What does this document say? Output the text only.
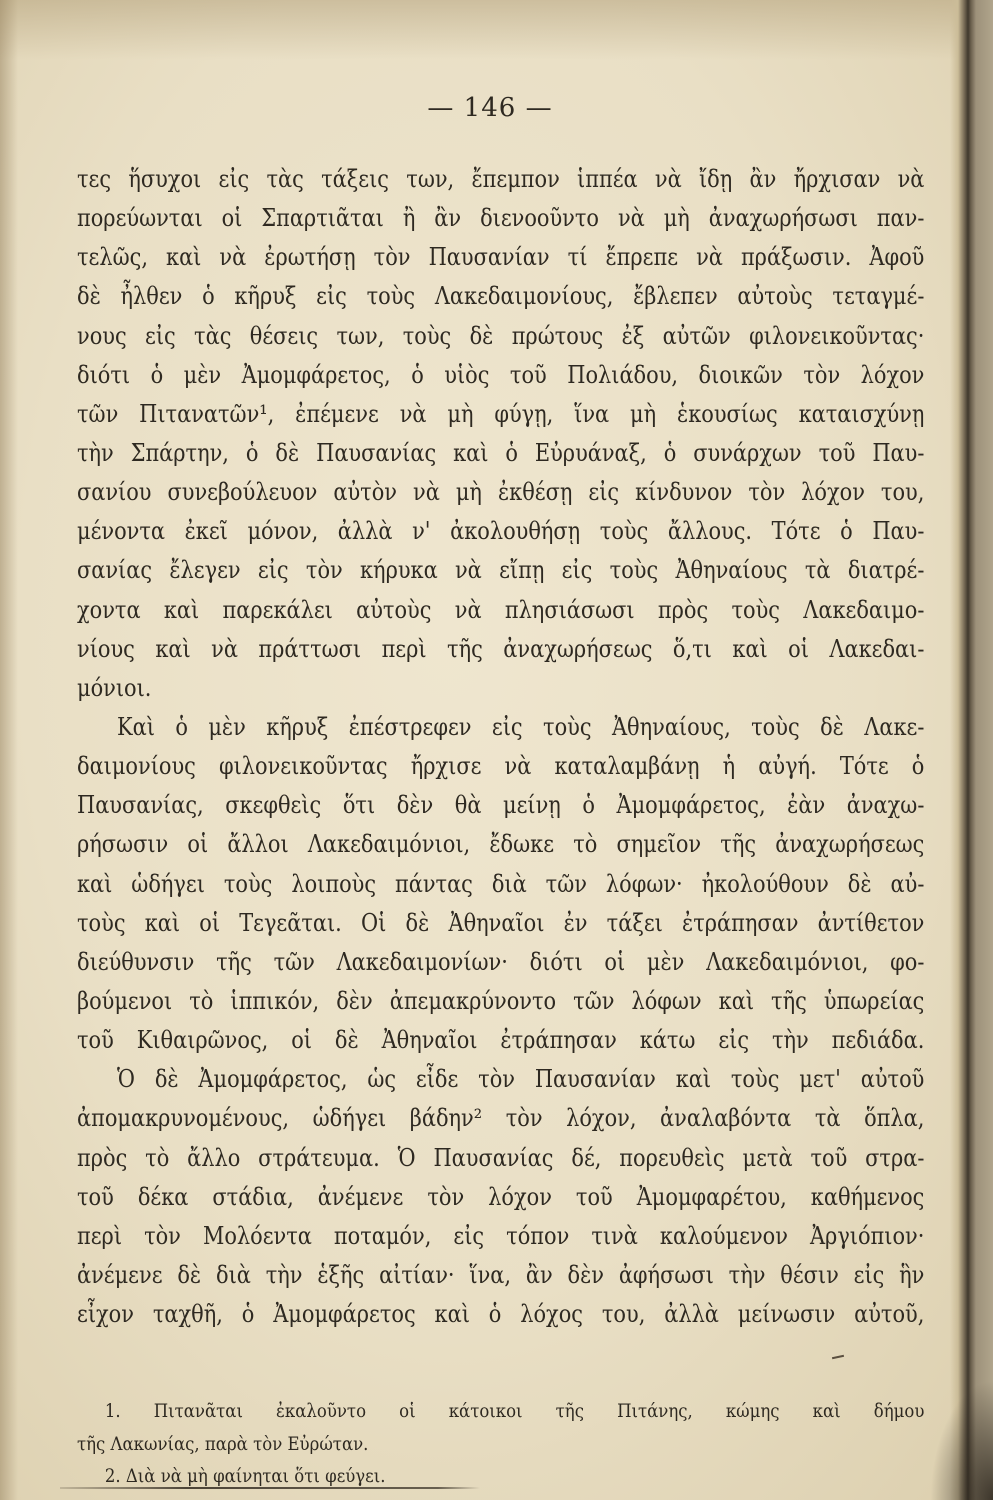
— 146 —
τες ἥσυχοι εἰς τὰς τάξεις των, ἔπεμπον ἱππέα νὰ ἴδῃ ἂν ἤρχισαν νὰ
πορεύωνται οἱ Σπαρτιᾶται ἢ ἂν διενοοῦντο νὰ μὴ ἀναχωρήσωσι παν-
τελῶς, καὶ νὰ ἐρωτήσῃ τὸν Παυσανίαν τί ἔπρεπε νὰ πράξωσιν. Ἀφοῦ
δὲ ἦλθεν ὁ κῆρυξ εἰς τοὺς Λακεδαιμονίους, ἔβλεπεν αὐτοὺς τεταγμέ-
νους εἰς τὰς θέσεις των, τοὺς δὲ πρώτους ἐξ αὐτῶν φιλονεικοῦντας·
διότι ὁ μὲν Ἀμομφάρετος, ὁ υἱὸς τοῦ Πολιάδου, διοικῶν τὸν λόχον
τῶν Πιτανατῶν¹, ἐπέμενε νὰ μὴ φύγῃ, ἵνα μὴ ἑκουσίως καταισχύνῃ
τὴν Σπάρτην, ὁ δὲ Παυσανίας καὶ ὁ Εὐρυάναξ, ὁ συνάρχων τοῦ Παυ-
σανίου συνεβούλευον αὐτὸν νὰ μὴ ἐκθέσῃ εἰς κίνδυνον τὸν λόχον του,
μένοντα ἐκεῖ μόνον, ἀλλὰ ν' ἀκολουθήσῃ τοὺς ἄλλους. Τότε ὁ Παυ-
σανίας ἔλεγεν εἰς τὸν κήρυκα νὰ εἴπῃ εἰς τοὺς Ἀθηναίους τὰ διατρέ-
χοντα καὶ παρεκάλει αὐτοὺς νὰ πλησιάσωσι πρὸς τοὺς Λακεδαιμο-
νίους καὶ νὰ πράττωσι περὶ τῆς ἀναχωρήσεως ὅ,τι καὶ οἱ Λακεδαι-
μόνιοι.
Καὶ ὁ μὲν κῆρυξ ἐπέστρεφεν εἰς τοὺς Ἀθηναίους, τοὺς δὲ Λακε-
δαιμονίους φιλονεικοῦντας ἤρχισε νὰ καταλαμβάνῃ ἡ αὐγή. Τότε ὁ
Παυσανίας, σκεφθεὶς ὅτι δὲν θὰ μείνῃ ὁ Ἀμομφάρετος, ἐὰν ἀναχω-
ρήσωσιν οἱ ἄλλοι Λακεδαιμόνιοι, ἔδωκε τὸ σημεῖον τῆς ἀναχωρήσεως
καὶ ὡδήγει τοὺς λοιποὺς πάντας διὰ τῶν λόφων· ἠκολούθουν δὲ αὐ-
τοὺς καὶ οἱ Τεγεᾶται. Οἱ δὲ Ἀθηναῖοι ἐν τάξει ἐτράπησαν ἀντίθετον
διεύθυνσιν τῆς τῶν Λακεδαιμονίων· διότι οἱ μὲν Λακεδαιμόνιοι, φο-
βούμενοι τὸ ἱππικόν, δὲν ἀπεμακρύνοντο τῶν λόφων καὶ τῆς ὑπωρείας
τοῦ Κιθαιρῶνος, οἱ δὲ Ἀθηναῖοι ἐτράπησαν κάτω εἰς τὴν πεδιάδα.
Ὁ δὲ Ἀμομφάρετος, ὡς εἶδε τὸν Παυσανίαν καὶ τοὺς μετ' αὐτοῦ
ἀπομακρυνομένους, ὡδήγει βάδην² τὸν λόχον, ἀναλαβόντα τὰ ὅπλα,
πρὸς τὸ ἄλλο στράτευμα. Ὁ Παυσανίας δέ, πορευθεὶς μετὰ τοῦ στρα-
τοῦ δέκα στάδια, ἀνέμενε τὸν λόχον τοῦ Ἀμομφαρέτου, καθήμενος
περὶ τὸν Μολόεντα ποταμόν, εἰς τόπον τινὰ καλούμενον Ἀργιόπιον·
ἀνέμενε δὲ διὰ τὴν ἑξῆς αἰτίαν· ἵνα, ἂν δὲν ἀφήσωσι τὴν θέσιν εἰς ἣν
εἶχον ταχθῆ, ὁ Ἀμομφάρετος καὶ ὁ λόχος του, ἀλλὰ μείνωσιν αὐτοῦ,
1. Πιτανᾶται ἐκαλοῦντο οἱ κάτοικοι τῆς Πιτάνης, κώμης καὶ δήμου
τῆς Λακωνίας, παρὰ τὸν Εὐρώταν.
2. Διὰ νὰ μὴ φαίνηται ὅτι φεύγει.
